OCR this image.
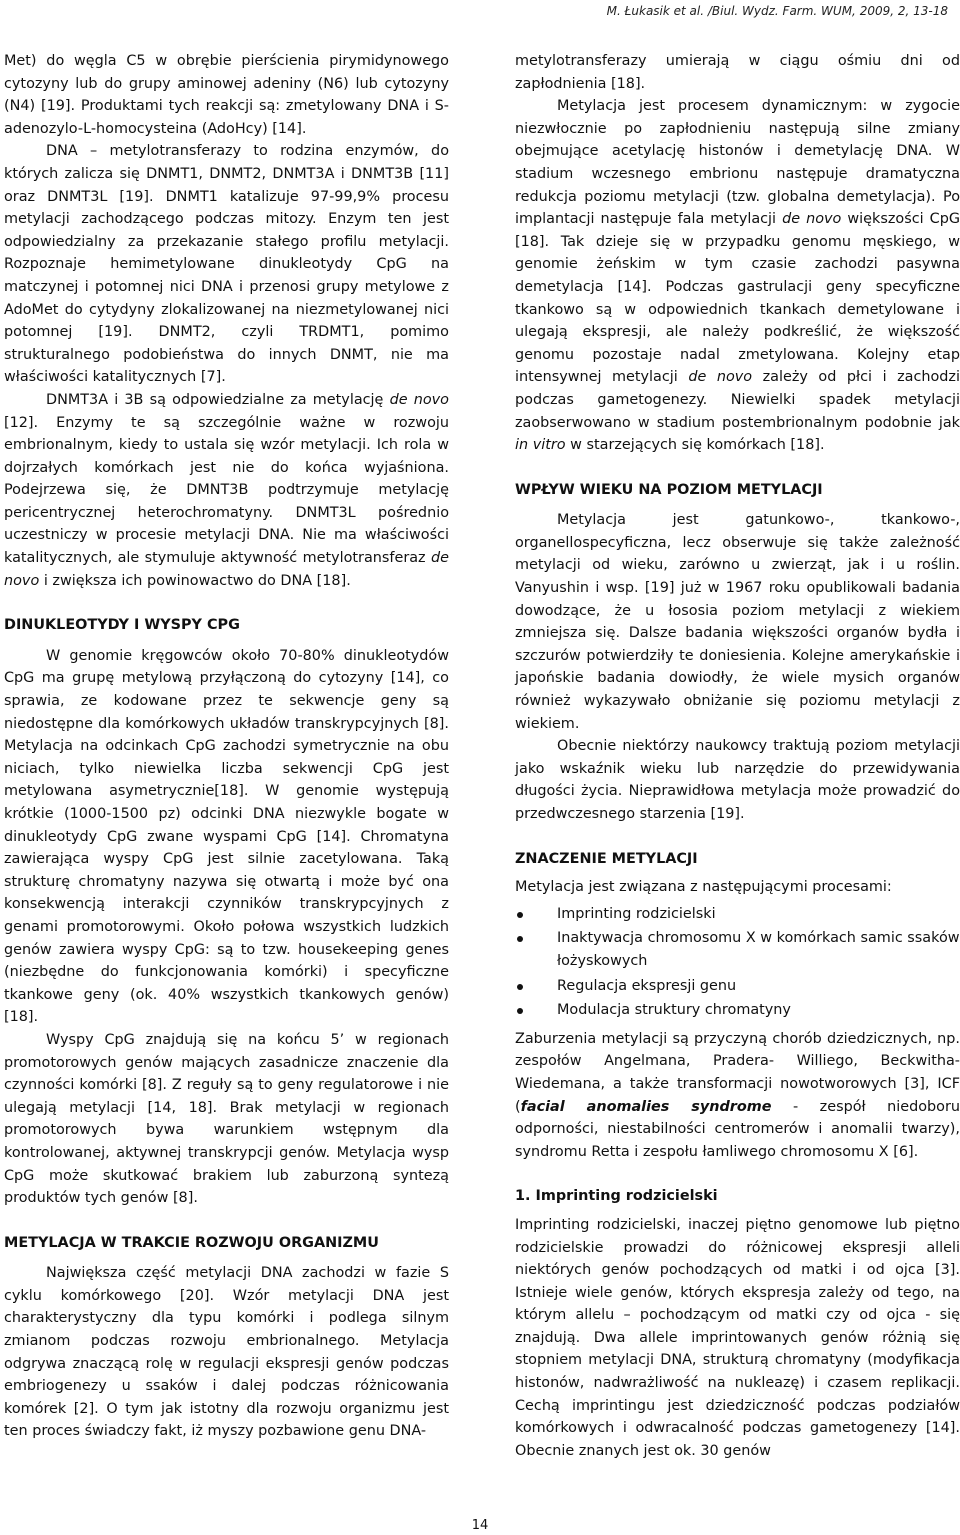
M. Łukasik et al. /Biul. Wydz. Farm. WUM, 2009, 2, 13-18

Met) do węgla C5 w obrębie pierścienia pirymidynowego cytozyny lub do grupy aminowej adeniny (N6) lub cytozyny (N4) [19]. Produktami tych reakcji są: zmetylowany DNA i S-adenozylo-L-homocysteina (AdoHcy) [14].

DNA – metylotransferazy to rodzina enzymów, do których zalicza się DNMT1, DNMT2, DNMT3A i DNMT3B [11] oraz DNMT3L [19]. DNMT1 katalizuje 97-99,9% procesu metylacji zachodzącego podczas mitozy. Enzym ten jest odpowiedzialny za przekazanie stałego profilu metylacji. Rozpoznaje hemimetylowane dinukleotydy CpG na matczynej i potomnej nici DNA i przenosi grupy metylowe z AdoMet do cytydyny zlokalizowanej na niezmetylowanej nici potomnej [19]. DNMT2, czyli TRDMT1, pomimo strukturalnego podobieństwa do innych DNMT, nie ma właściwości katalitycznych [7].

DNMT3A i 3B są odpowiedzialne za metylację de novo [12]. Enzymy te są szczególnie ważne w rozwoju embrionalnym, kiedy to ustala się wzór metylacji. Ich rola w dojrzałych komórkach jest nie do końca wyjaśniona. Podejrzewa się, że DMNT3B podtrzymuje metylację pericentrycznej heterochromatyny. DNMT3L pośrednio uczestniczy w procesie metylacji DNA. Nie ma właściwości katalitycznych, ale stymuluje aktywność metylotransferaz de novo i zwiększa ich powinowactwo do DNA [18].

DINUKLEOTYDY I WYSPY CPG

W genomie kręgowców około 70-80% dinukleotydów CpG ma grupę metylową przyłączoną do cytozyny [14], co sprawia, ze kodowane przez te sekwencje geny są niedostępne dla komórkowych układów transkrypcyjnych [8]. Metylacja na odcinkach CpG zachodzi symetrycznie na obu niciach, tylko niewielka liczba sekwencji CpG jest metylowana asymetrycznie[18]. W genomie występują krótkie (1000-1500 pz) odcinki DNA niezwykle bogate w dinukleotydy CpG zwane wyspami CpG [14]. Chromatyna zawierająca wyspy CpG jest silnie zacetylowana. Taką strukturę chromatyny nazywa się otwartą i może być ona konsekwencją interakcji czynników transkrypcyjnych z genami promotorowymi. Około połowa wszystkich ludzkich genów zawiera wyspy CpG: są to tzw. housekeeping genes (niezbędne do funkcjonowania komórki) i specyficzne tkankowe geny (ok. 40% wszystkich tkankowych genów) [18].

Wyspy CpG znajdują się na końcu 5’ w regionach promotorowych genów mających zasadnicze znaczenie dla czynności komórki [8]. Z reguły są to geny regulatorowe i nie ulegają metylacji [14, 18]. Brak metylacji w regionach promotorowych bywa warunkiem wstępnym dla kontrolowanej, aktywnej transkrypcji genów. Metylacja wysp CpG może skutkować brakiem lub zaburzoną syntezą produktów tych genów [8].

METYLACJA W TRAKCIE ROZWOJU ORGANIZMU

Największa część metylacji DNA zachodzi w fazie S cyklu komórkowego [20]. Wzór metylacji DNA jest charakterystyczny dla typu komórki i podlega silnym zmianom podczas rozwoju embrionalnego. Metylacja odgrywa znaczącą rolę w regulacji ekspresji genów podczas embriogenezy u ssaków i dalej podczas różnicowania komórek [2]. O tym jak istotny dla rozwoju organizmu jest ten proces świadczy fakt, iż myszy pozbawione genu DNA-

metylotransferazy umierają w ciągu ośmiu dni od zapłodnienia [18].

Metylacja jest procesem dynamicznym: w zygocie niezwłocznie po zapłodnieniu następują silne zmiany obejmujące acetylację histonów i demetylację DNA. W stadium wczesnego embrionu następuje dramatyczna redukcja poziomu metylacji (tzw. globalna demetylacja). Po implantacji następuje fala metylacji de novo większości CpG [18]. Tak dzieje się w przypadku genomu męskiego, w genomie żeńskim w tym czasie zachodzi pasywna demetylacja [14]. Podczas gastrulacji geny specyficzne tkankowo są w odpowiednich tkankach demetylowane i ulegają ekspresji, ale należy podkreślić, że większość genomu pozostaje nadal zmetylowana. Kolejny etap intensywnej metylacji de novo zależy od płci i zachodzi podczas gametogenezy. Niewielki spadek metylacji zaobserwowano w stadium postembrionalnym podobnie jak in vitro w starzejących się komórkach [18].

WPŁYW WIEKU NA POZIOM METYLACJI

Metylacja jest gatunkowo-, tkankowo-, organellospecyficzna, lecz obserwuje się także zależność metylacji od wieku, zarówno u zwierząt, jak i u roślin. Vanyushin i wsp. [19] już w 1967 roku opublikowali badania dowodzące, że u łososia poziom metylacji z wiekiem zmniejsza się. Dalsze badania większości organów bydła i szczurów potwierdziły te doniesienia. Kolejne amerykańskie i japońskie badania dowiodły, że wiele mysich organów również wykazywało obniżanie się poziomu metylacji z wiekiem.

Obecnie niektórzy naukowcy traktują poziom metylacji jako wskaźnik wieku lub narzędzie do przewidywania długości życia. Nieprawidłowa metylacja może prowadzić do przedwczesnego starzenia [19].

ZNACZENIE METYLACJI

Metylacja jest związana z następującymi procesami:

Imprinting rodzicielski
Inaktywacja chromosomu X w komórkach samic ssaków łożyskowych
Regulacja ekspresji genu
Modulacja struktury chromatyny

Zaburzenia metylacji są przyczyną chorób dziedzicznych, np. zespołów Angelmana, Pradera- Williego, Beckwitha-Wiedemana, a także transformacji nowotworowych [3], ICF (facial anomalies syndrome - zespół niedoboru odporności, niestabilności centromerów i anomalii twarzy), syndromu Retta i zespołu łamliwego chromosomu X [6].

1. Imprinting rodzicielski

Imprinting rodzicielski, inaczej piętno genomowe lub piętno rodzicielskie prowadzi do różnicowej ekspresji alleli niektórych genów pochodzących od matki i od ojca [3]. Istnieje wiele genów, których ekspresja zależy od tego, na którym allelu – pochodzącym od matki czy od ojca - się znajdują. Dwa allele imprintowanych genów różnią się stopniem metylacji DNA, strukturą chromatyny (modyfikacja histonów, nadwrażliwość na nukleazę) i czasem replikacji. Cechą imprintingu jest dziedziczność podczas podziałów komórkowych i odwracalność podczas gametogenezy [14]. Obecnie znanych jest ok. 30 genów

14
